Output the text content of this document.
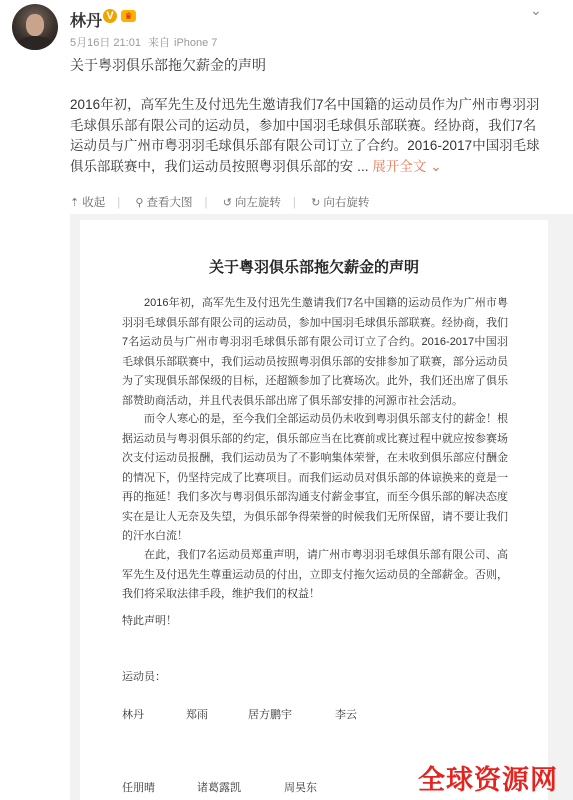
林丹 V	♛	⌄
5月16日 21:01 来自 iPhone 7
关于粤羽俱乐部拖欠薪金的声明
2016年初，高军先生及付迅先生邀请我们7名中国籍的运动员作为广州市粤羽羽毛球俱乐部有限公司的运动员，参加中国羽毛球俱乐部联赛。经协商，我们7名运动员与广州市粤羽羽毛球俱乐部有限公司订立了合约。2016-2017中国羽毛球俱乐部联赛中，我们运动员按照粤羽俱乐部的安 ... 展开全文 ⌄
⇡ 收起 | ⚲ 查看大图 | ↺ 向左旋转 | ↻ 向右旋转
关于粤羽俱乐部拖欠薪金的声明
2016年初，高军先生及付迅先生邀请我们7名中国籍的运动员作为广州市粤羽羽毛球俱乐部有限公司的运动员，参加中国羽毛球俱乐部联赛。经协商，我们7名运动员与广州市粤羽羽毛球俱乐部有限公司订立了合约。2016-2017中国羽毛球俱乐部联赛中，我们运动员按照粤羽俱乐部的安排参加了联赛，部分运动员为了实现俱乐部保级的目标，还超额参加了比赛场次。此外，我们还出席了俱乐部赞助商活动，并且代表俱乐部出席了俱乐部安排的河源市社会活动。
而令人寒心的是，至今我们全部运动员仍未收到粤羽俱乐部支付的薪金！根据运动员与粤羽俱乐部的约定，俱乐部应当在比赛前或比赛过程中就应按参赛场次支付运动员报酬，我们运动员为了不影响集体荣誉，在未收到俱乐部应付酬金的情况下，仍坚持完成了比赛项目。而我们运动员对俱乐部的体谅换来的竟是一再的拖延！我们多次与粤羽俱乐部沟通支付薪金事宜，而至今俱乐部的解决态度实在是让人无奈及失望，为俱乐部争得荣誉的时候我们无所保留，请不要让我们的汗水白流！
在此，我们7名运动员郑重声明，请广州市粤羽羽毛球俱乐部有限公司、高军先生及付迅先生尊重运动员的付出，立即支付拖欠运动员的全部薪金。否则，我们将采取法律手段，维护我们的权益！
特此声明！
运动员：
林丹	郑雨	居方鹏宇	李云
任朋晴	诸葛露凯	周昊东	全球资源网
